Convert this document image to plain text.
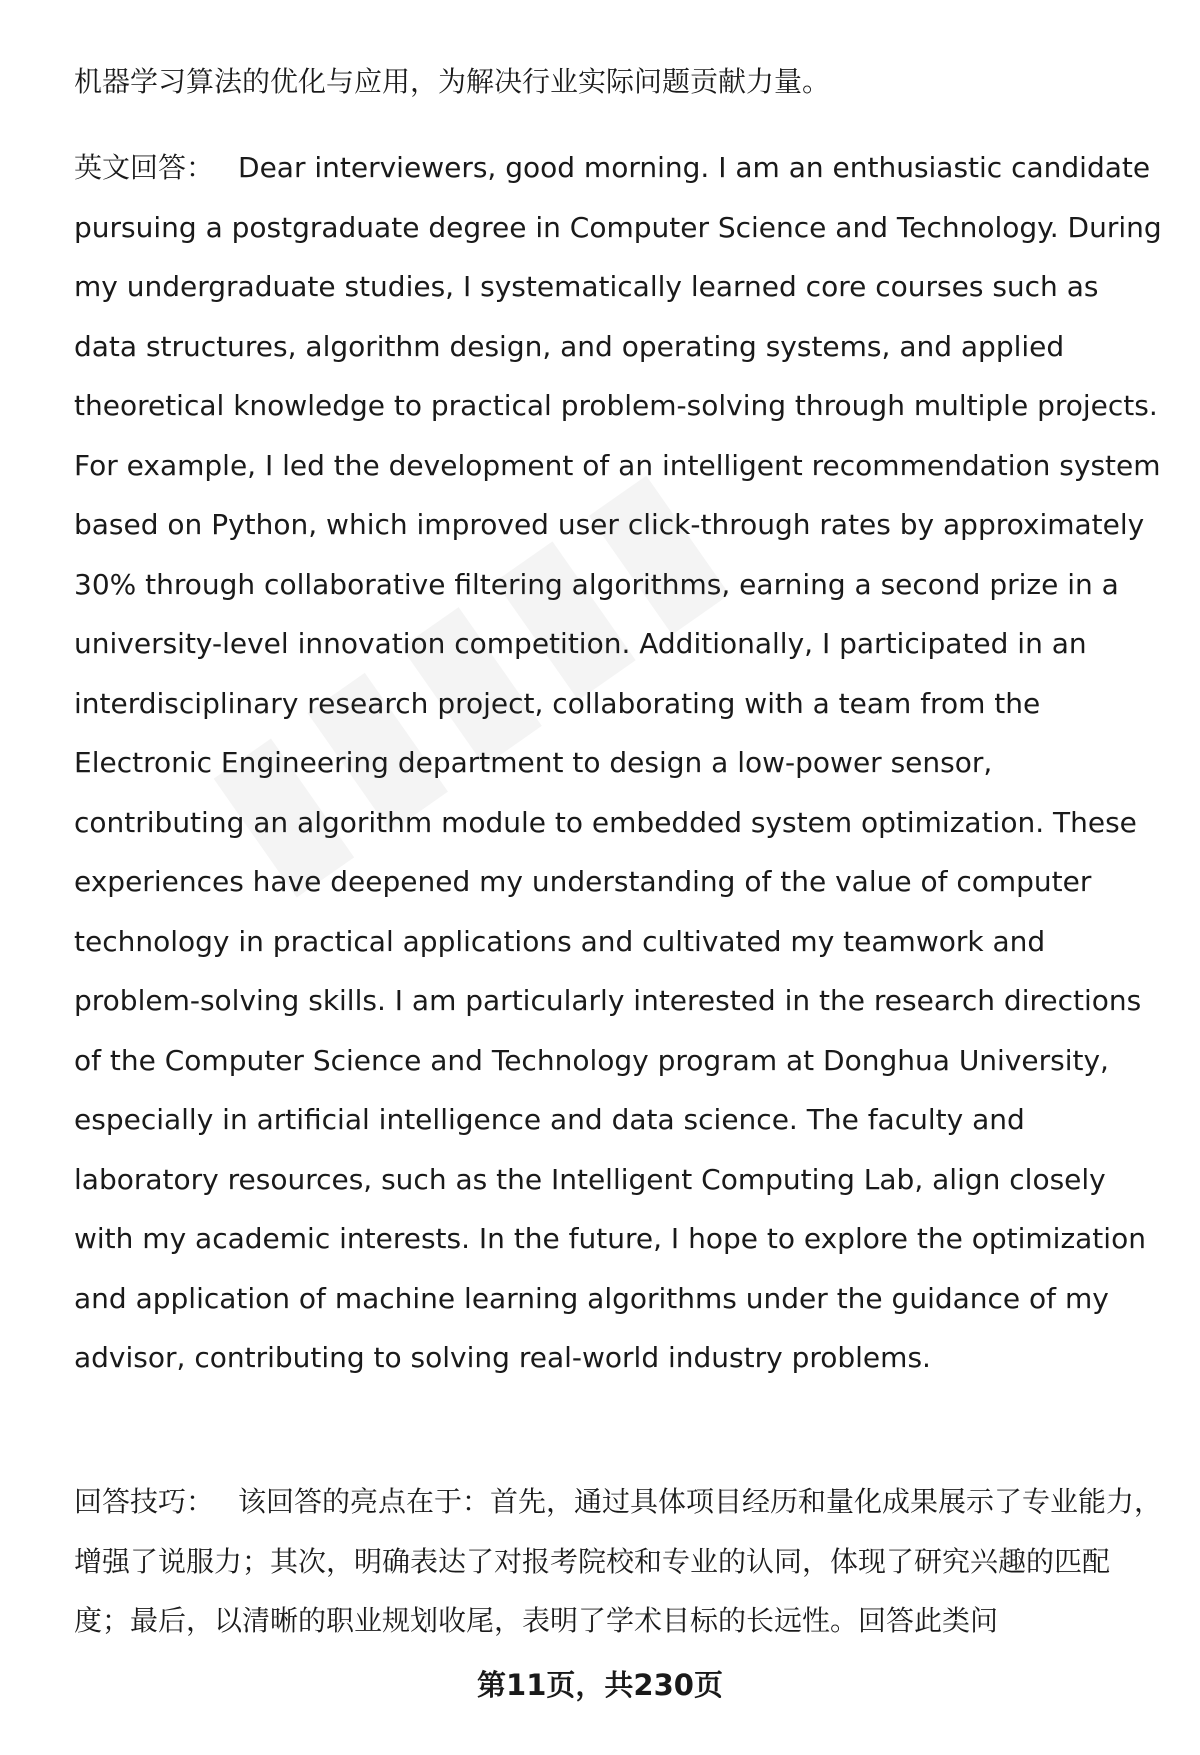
机器学习算法的优化与应用，为解决行业实际问题贡献力量。

英文回答： Dear interviewers, good morning. I am an enthusiastic candidate pursuing a postgraduate degree in Computer Science and Technology. During my undergraduate studies, I systematically learned core courses such as data structures, algorithm design, and operating systems, and applied theoretical knowledge to practical problem-solving through multiple projects. For example, I led the development of an intelligent recommendation system based on Python, which improved user click-through rates by approximately 30% through collaborative filtering algorithms, earning a second prize in a university-level innovation competition. Additionally, I participated in an interdisciplinary research project, collaborating with a team from the Electronic Engineering department to design a low-power sensor, contributing an algorithm module to embedded system optimization. These experiences have deepened my understanding of the value of computer technology in practical applications and cultivated my teamwork and problem-solving skills. I am particularly interested in the research directions of the Computer Science and Technology program at Donghua University, especially in artificial intelligence and data science. The faculty and laboratory resources, such as the Intelligent Computing Lab, align closely with my academic interests. In the future, I hope to explore the optimization and application of machine learning algorithms under the guidance of my advisor, contributing to solving real-world industry problems.

回答技巧： 该回答的亮点在于：首先，通过具体项目经历和量化成果展示了专业能力，增强了说服力；其次，明确表达了对报考院校和专业的认同，体现了研究兴趣的匹配度；最后，以清晰的职业规划收尾，表明了学术目标的长远性。回答此类问

第11页，共230页
